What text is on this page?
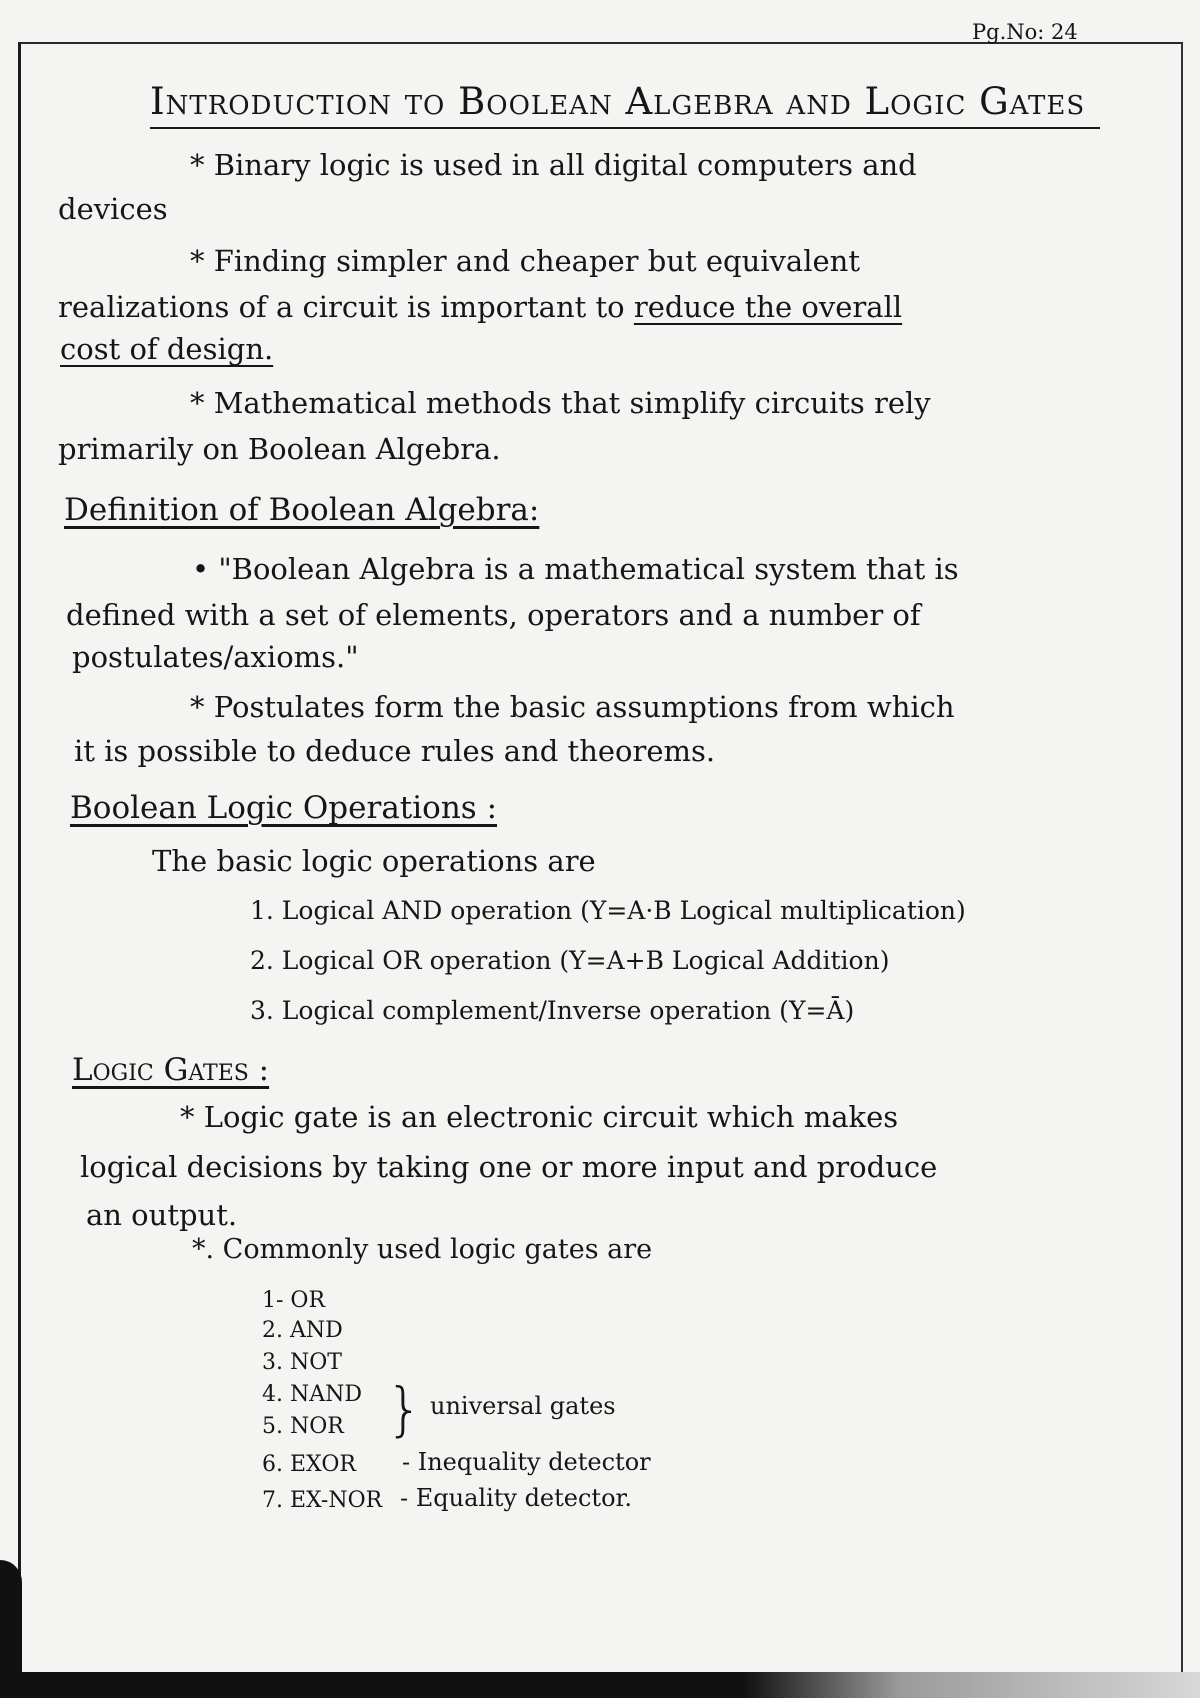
Pg.No: 24
Introduction to Boolean Algebra and Logic Gates
* Binary logic is used in all digital computers and
devices
* Finding simpler and cheaper but equivalent
realizations of a circuit is important to reduce the overall
cost of design.
* Mathematical methods that simplify circuits rely
primarily on Boolean Algebra.
Definition of Boolean Algebra:
• "Boolean Algebra is a mathematical system that is
defined with a set of elements, operators and a number of
postulates/axioms."
* Postulates form the basic assumptions from which
it is possible to deduce rules and theorems.
Boolean Logic Operations :
The basic logic operations are
1. Logical AND operation (Y=A·B Logical multiplication)
2. Logical OR operation (Y=A+B Logical Addition)
3. Logical complement/Inverse operation (Y=Ā)
Logic Gates :
* Logic gate is an electronic circuit which makes
logical decisions by taking one or more input and produce
an output.
*. Commonly used logic gates are
1- OR
2. AND
3. NOT
4. NAND
5. NOR
6. EXOR
7. EX-NOR
} universal gates
- Inequality detector
- Equality detector.
